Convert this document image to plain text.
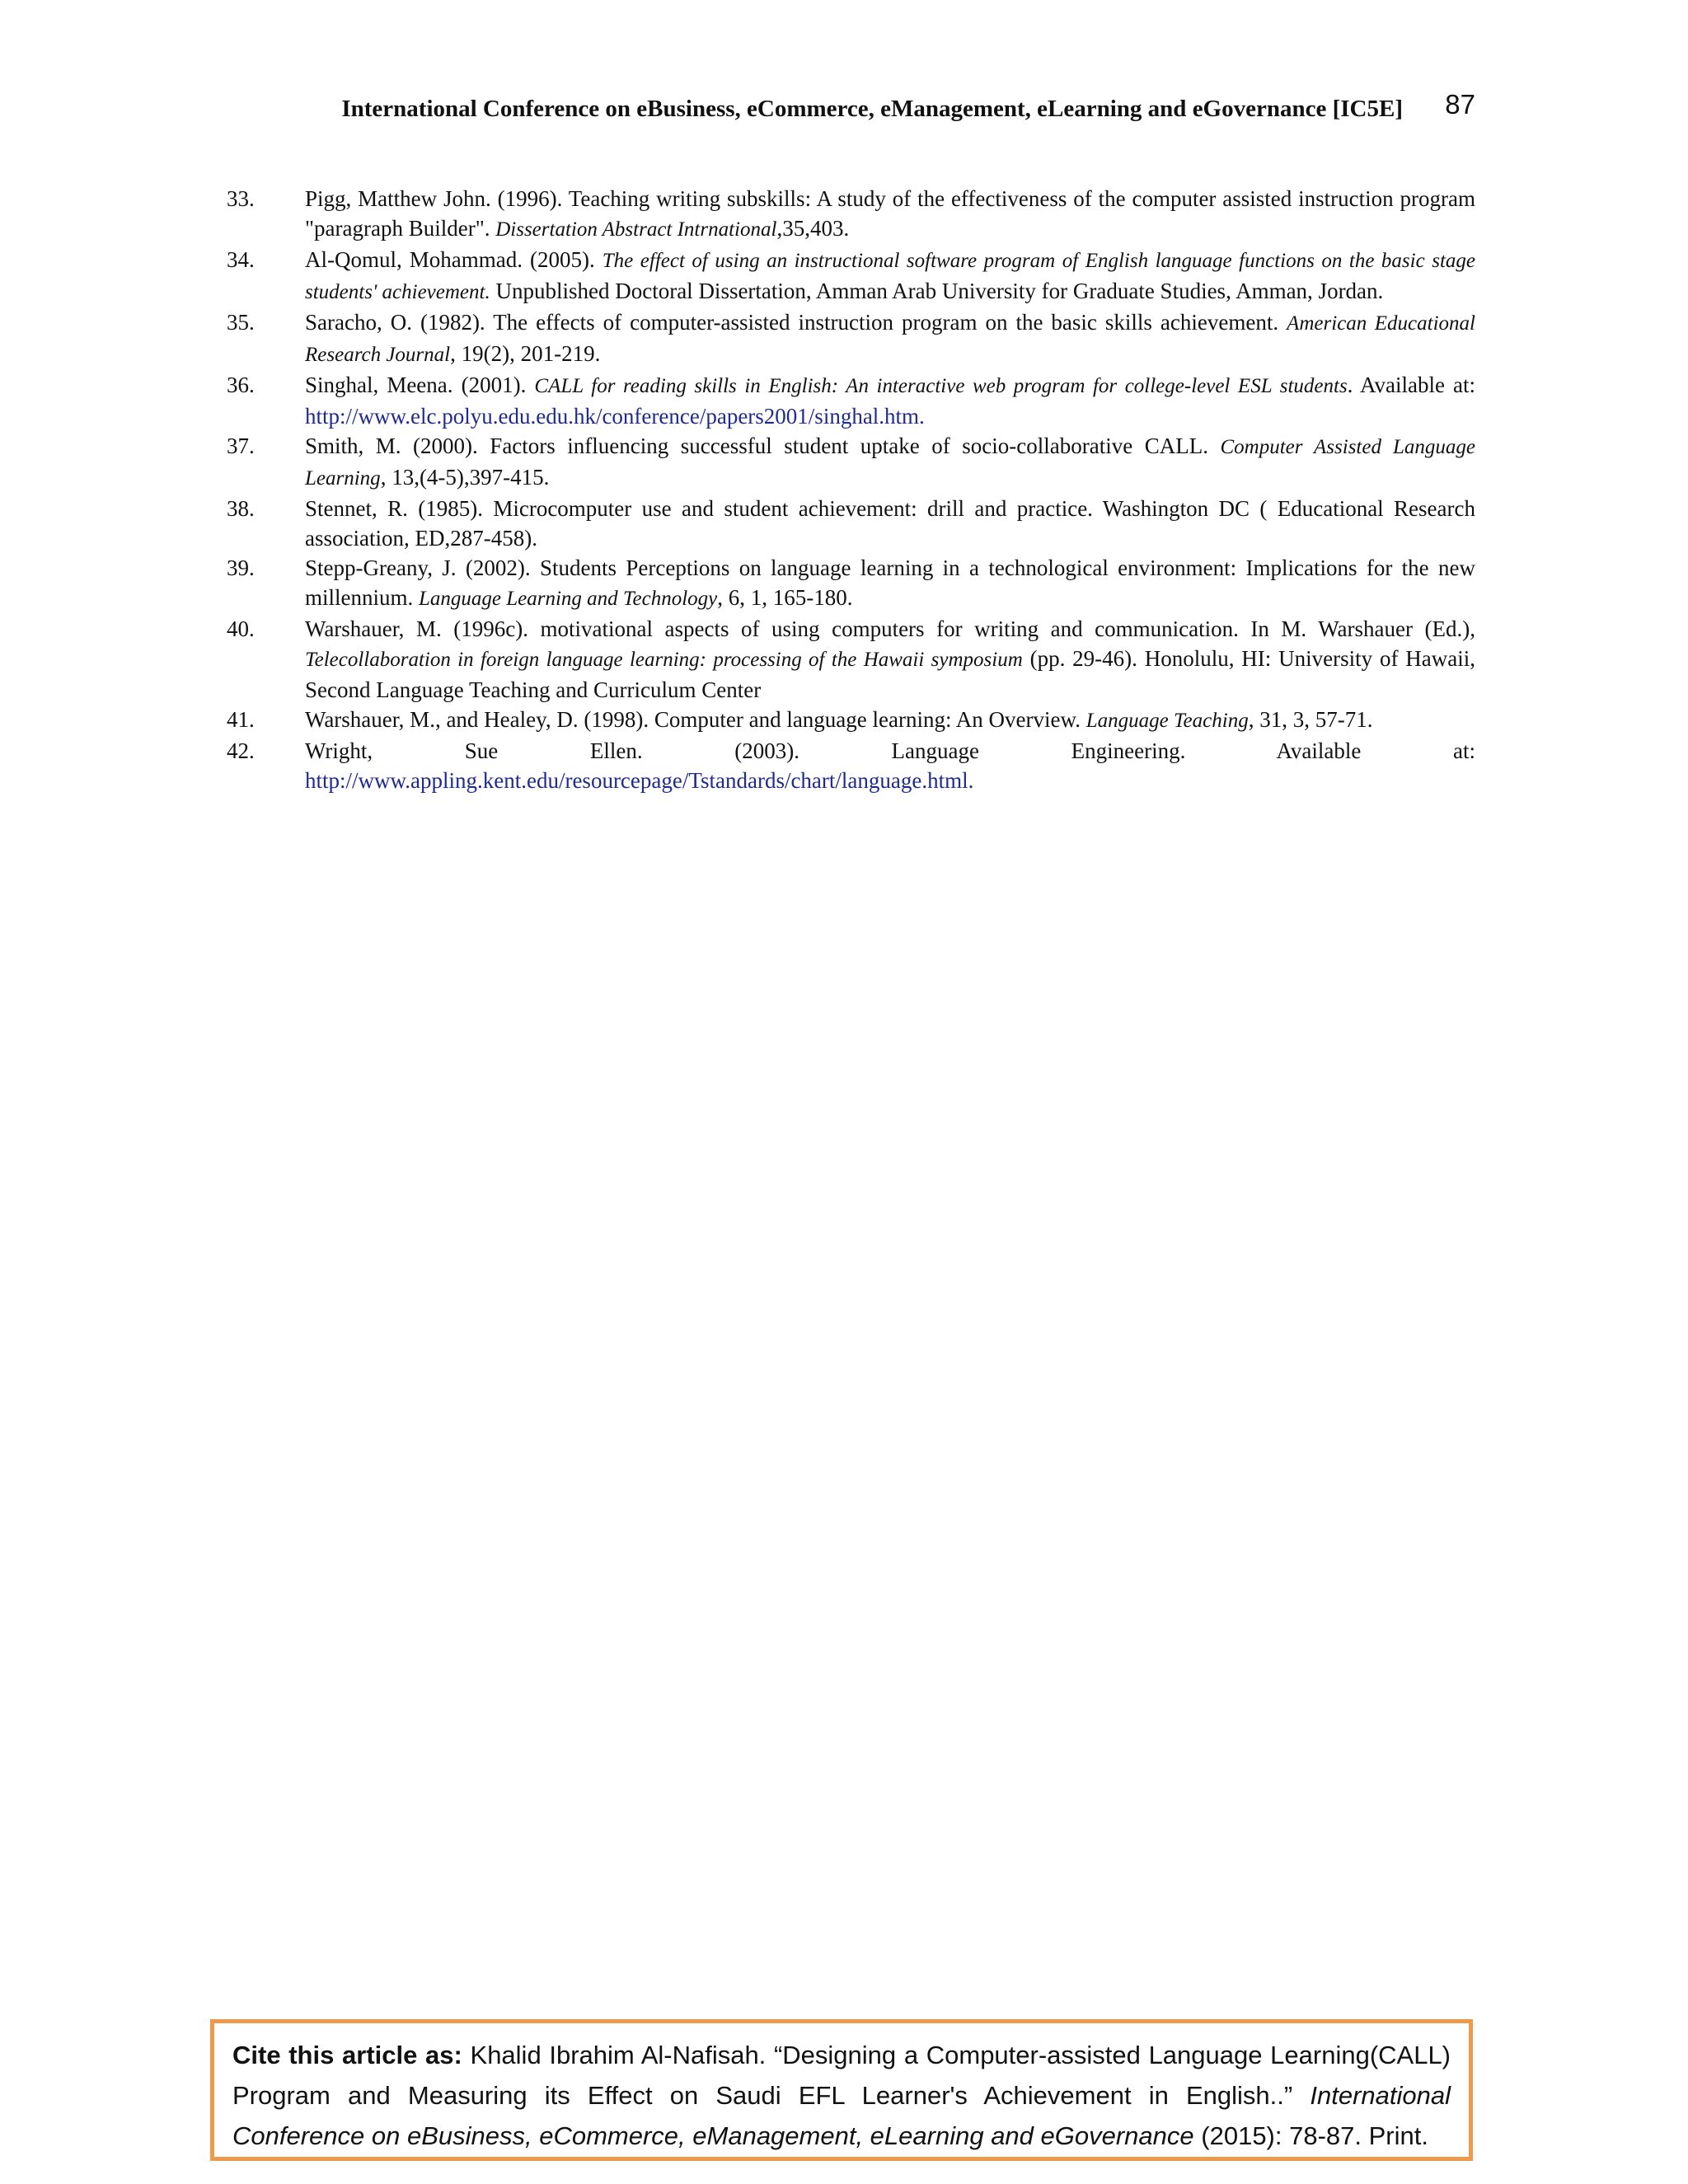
International Conference on eBusiness, eCommerce, eManagement, eLearning and eGovernance [IC5E] 87
33. Pigg, Matthew John. (1996). Teaching writing subskills: A study of the effectiveness of the computer assisted instruction program "paragraph Builder". Dissertation Abstract Intrnational,35,403.
34. Al-Qomul, Mohammad. (2005). The effect of using an instructional software program of English language functions on the basic stage students' achievement. Unpublished Doctoral Dissertation, Amman Arab University for Graduate Studies, Amman, Jordan.
35. Saracho, O. (1982). The effects of computer-assisted instruction program on the basic skills achievement. American Educational Research Journal, 19(2), 201-219.
36. Singhal, Meena. (2001). CALL for reading skills in English: An interactive web program for college-level ESL students. Available at: http://www.elc.polyu.edu.edu.hk/conference/papers2001/singhal.htm.
37. Smith, M. (2000). Factors influencing successful student uptake of socio-collaborative CALL. Computer Assisted Language Learning, 13,(4-5),397-415.
38. Stennet, R. (1985). Microcomputer use and student achievement: drill and practice. Washington DC ( Educational Research association, ED,287-458).
39. Stepp-Greany, J. (2002). Students Perceptions on language learning in a technological environment: Implications for the new millennium. Language Learning and Technology, 6, 1, 165-180.
40. Warshauer, M. (1996c). motivational aspects of using computers for writing and communication. In M. Warshauer (Ed.), Telecollaboration in foreign language learning: processing of the Hawaii symposium (pp. 29-46). Honolulu, HI: University of Hawaii, Second Language Teaching and Curriculum Center
41. Warshauer, M., and Healey, D. (1998). Computer and language learning: An Overview. Language Teaching, 31, 3, 57-71.
42. Wright, Sue Ellen. (2003). Language Engineering. Available at:
http://www.appling.kent.edu/resourcepage/Tstandards/chart/language.html.
Cite this article as: Khalid Ibrahim Al-Nafisah. “Designing a Computer-assisted Language Learning(CALL) Program and Measuring its Effect on Saudi EFL Learner's Achievement in English..” International Conference on eBusiness, eCommerce, eManagement, eLearning and eGovernance (2015): 78-87. Print.
